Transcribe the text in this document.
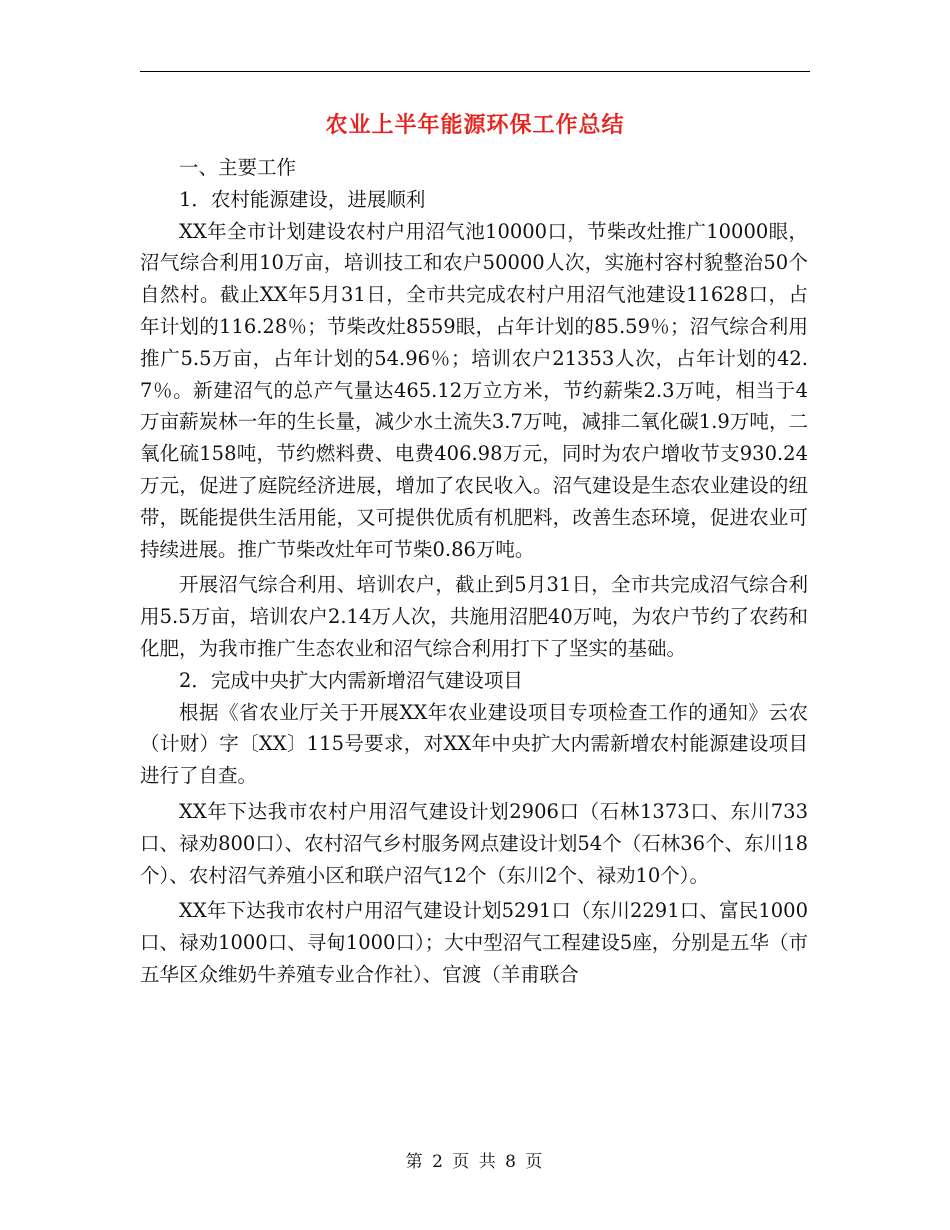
农业上半年能源环保工作总结

一、主要工作

1．农村能源建设，进展顺利

XX年全市计划建设农村户用沼气池10000口，节柴改灶推广10000眼，沼气综合利用10万亩，培训技工和农户50000人次，实施村容村貌整治50个自然村。截止XX年5月31日，全市共完成农村户用沼气池建设11628口，占年计划的116.28％；节柴改灶8559眼，占年计划的85.59％；沼气综合利用推广5.5万亩，占年计划的54.96％；培训农户21353人次，占年计划的42.7％。新建沼气的总产气量达465.12万立方米，节约薪柴2.3万吨，相当于4万亩薪炭林一年的生长量，减少水土流失3.7万吨，减排二氧化碳1.9万吨，二氧化硫158吨，节约燃料费、电费406.98万元，同时为农户增收节支930.24万元，促进了庭院经济进展，增加了农民收入。沼气建设是生态农业建设的纽带，既能提供生活用能，又可提供优质有机肥料，改善生态环境，促进农业可持续进展。推广节柴改灶年可节柴0.86万吨。

开展沼气综合利用、培训农户，截止到5月31日，全市共完成沼气综合利用5.5万亩，培训农户2.14万人次，共施用沼肥40万吨，为农户节约了农药和化肥，为我市推广生态农业和沼气综合利用打下了坚实的基础。

2．完成中央扩大内需新增沼气建设项目

根据《省农业厅关于开展XX年农业建设项目专项检查工作的通知》云农（计财）字〔XX〕115号要求，对XX年中央扩大内需新增农村能源建设项目进行了自查。

XX年下达我市农村户用沼气建设计划2906口（石林1373口、东川733口、禄劝800口）、农村沼气乡村服务网点建设计划54个（石林36个、东川18个）、农村沼气养殖小区和联户沼气12个（东川2个、禄劝10个）。

XX年下达我市农村户用沼气建设计划5291口（东川2291口、富民1000口、禄劝1000口、寻甸1000口）；大中型沼气工程建设5座，分别是五华（市五华区众维奶牛养殖专业合作社）、官渡（羊甫联合

第 2 页 共 8 页
